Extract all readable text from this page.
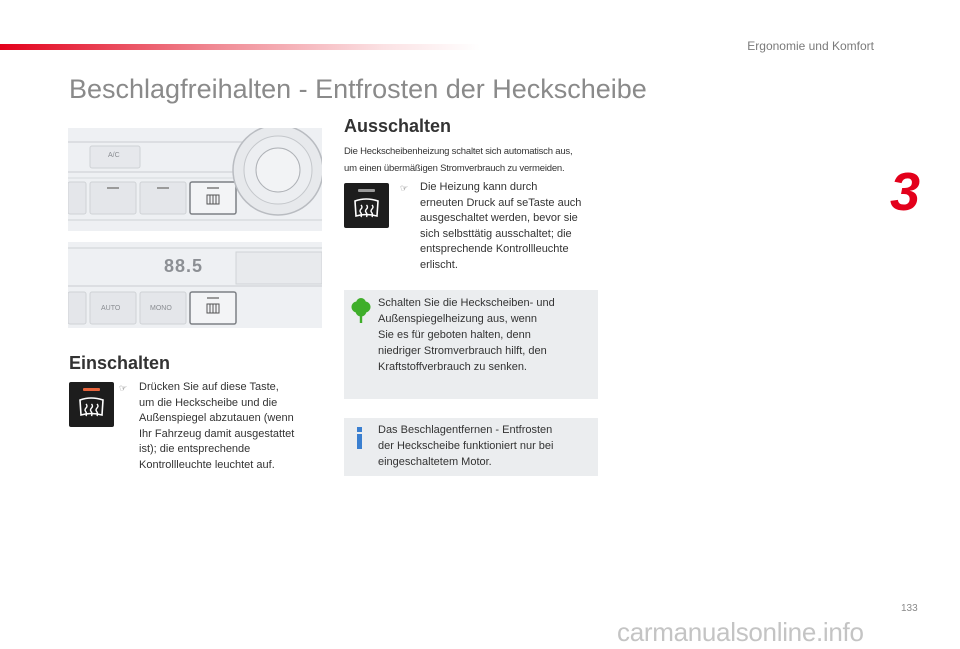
Ergonomie und Komfort
3
Beschlagfreihalten - Entfrosten der Heckscheibe
A/C
88.5
AUTO	MONO
Einschalten
☞ Drücken Sie auf diese Taste,
um die Heckscheibe und die
Außenspiegel abzutauen (wenn
Ihr Fahrzeug damit ausgestattet
ist); die entsprechende
Kontrollleuchte leuchtet auf.
Ausschalten
Die Heckscheibenheizung schaltet sich automatisch aus,
um einen übermäßigen Stromverbrauch zu vermeiden.
☞ Die Heizung kann durch
erneuten Druck auf seTaste auch
ausgeschaltet werden, bevor sie
sich selbsttätig ausschaltet; die
entsprechende Kontrollleuchte
erlischt.
Schalten Sie die Heckscheiben- und
Außenspiegelheizung aus, wenn
Sie es für geboten halten, denn
niedriger Stromverbrauch hilft, den
Kraftstoffverbrauch zu senken.
Das Beschlagentfernen - Entfrosten
der Heckscheibe funktioniert nur bei
eingeschaltetem Motor.
133
carmanualsonline.info
